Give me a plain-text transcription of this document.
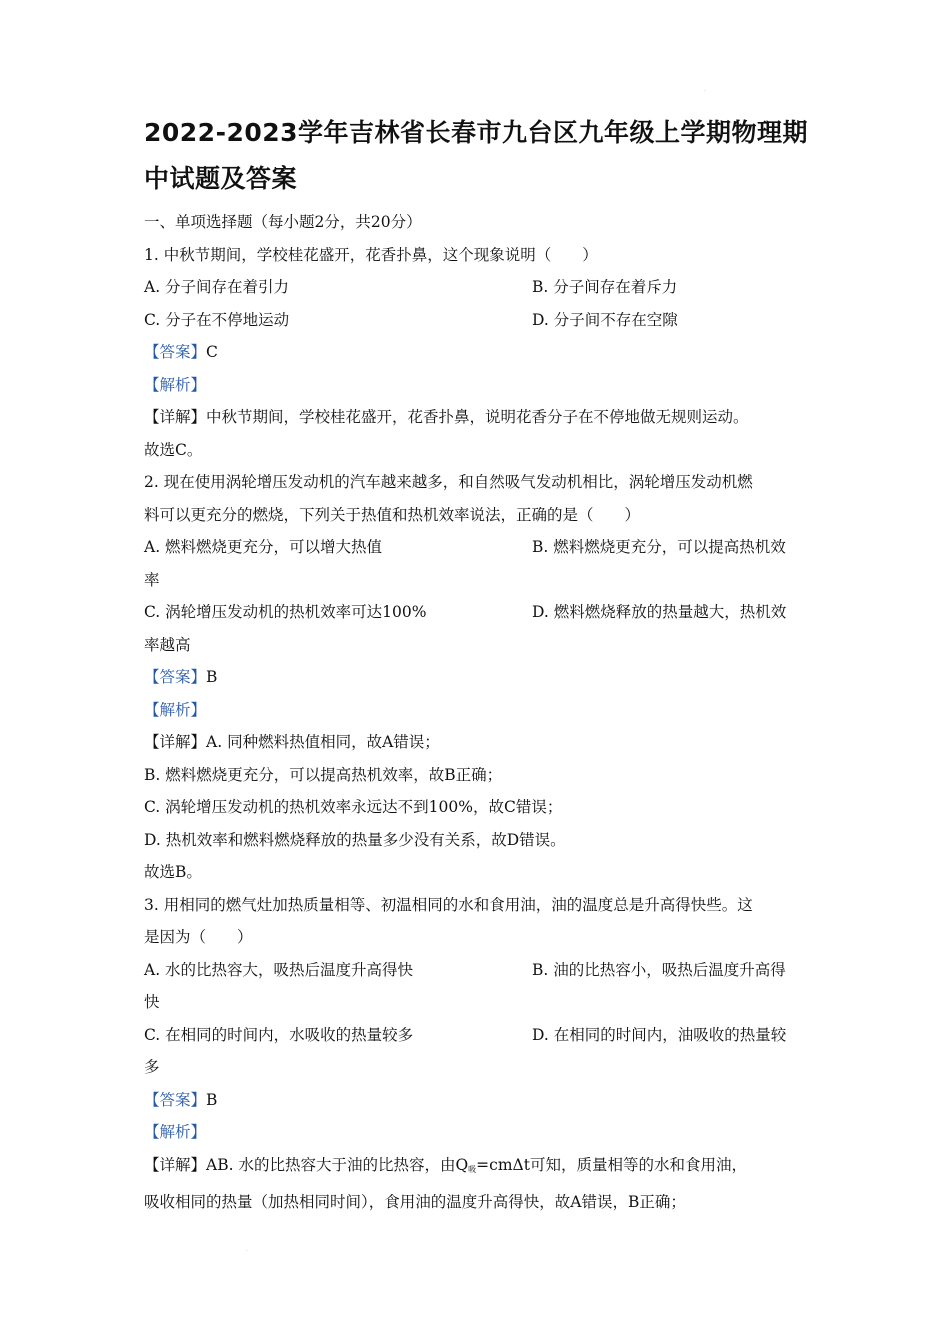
.
2022-2023学年吉林省长春市九台区九年级上学期物理期中试题及答案
一、单项选择题（每小题2分，共20分）
1. 中秋节期间，学校桂花盛开，花香扑鼻，这个现象说明（　　）
A. 分子间存在着引力	B. 分子间存在着斥力
C. 分子在不停地运动	D. 分子间不存在空隙
【答案】C
【解析】
【详解】中秋节期间，学校桂花盛开，花香扑鼻，说明花香分子在不停地做无规则运动。
故选C。
2. 现在使用涡轮增压发动机的汽车越来越多，和自然吸气发动机相比，涡轮增压发动机燃
料可以更充分的燃烧，下列关于热值和热机效率说法，正确的是（　　）
A. 燃料燃烧更充分，可以增大热值	B. 燃料燃烧更充分，可以提高热机效
率
C. 涡轮增压发动机的热机效率可达100%	D. 燃料燃烧释放的热量越大，热机效
率越高
【答案】B
【解析】
【详解】A. 同种燃料热值相同，故A错误；
B. 燃料燃烧更充分，可以提高热机效率，故B正确；
C. 涡轮增压发动机的热机效率永远达不到100%，故C错误；
D. 热机效率和燃料燃烧释放的热量多少没有关系，故D错误。
故选B。
3. 用相同的燃气灶加热质量相等、初温相同的水和食用油，油的温度总是升高得快些。这
是因为（　　）
A. 水的比热容大，吸热后温度升高得快	B. 油的比热容小，吸热后温度升高得
快
C. 在相同的时间内，水吸收的热量较多	D. 在相同的时间内，油吸收的热量较
多
【答案】B
【解析】
【详解】AB. 水的比热容大于油的比热容，由$Q_吸=cm\Delta t$可知，质量相等的水和食用油，
吸收相同的热量（加热相同时间），食用油的温度升高得快，故A错误，B正确；
.
